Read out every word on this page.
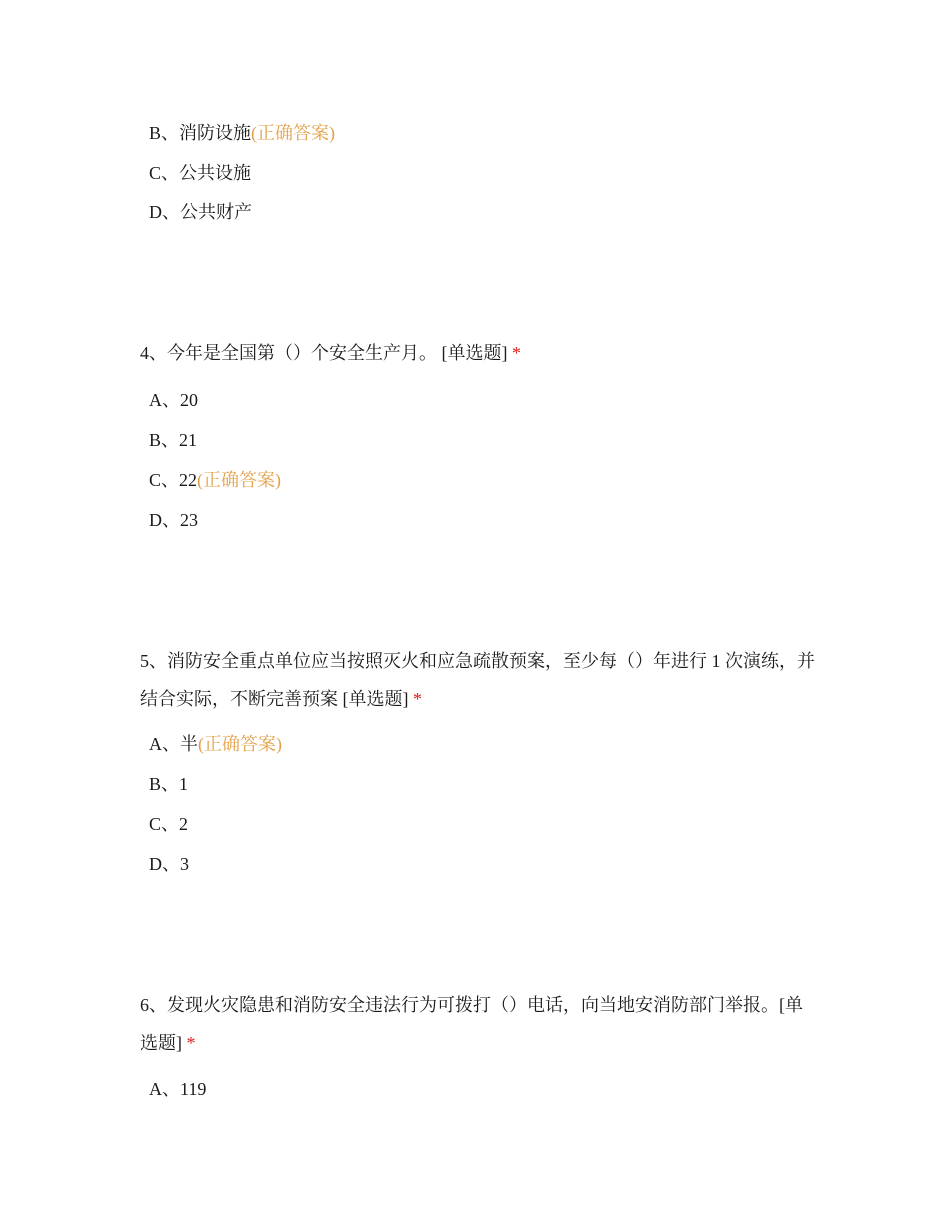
B、消防设施(正确答案)
C、公共设施
D、公共财产
4、今年是全国第（）个安全生产月。 [单选题] *
A、20
B、21
C、22(正确答案)
D、23
5、消防安全重点单位应当按照灭火和应急疏散预案，至少每（）年进行 1 次演练，并结合实际，不断完善预案 [单选题] *
A、半(正确答案)
B、1
C、2
D、3
6、发现火灾隐患和消防安全违法行为可拨打（）电话，向当地安消防部门举报。[单选题] *
A、119
